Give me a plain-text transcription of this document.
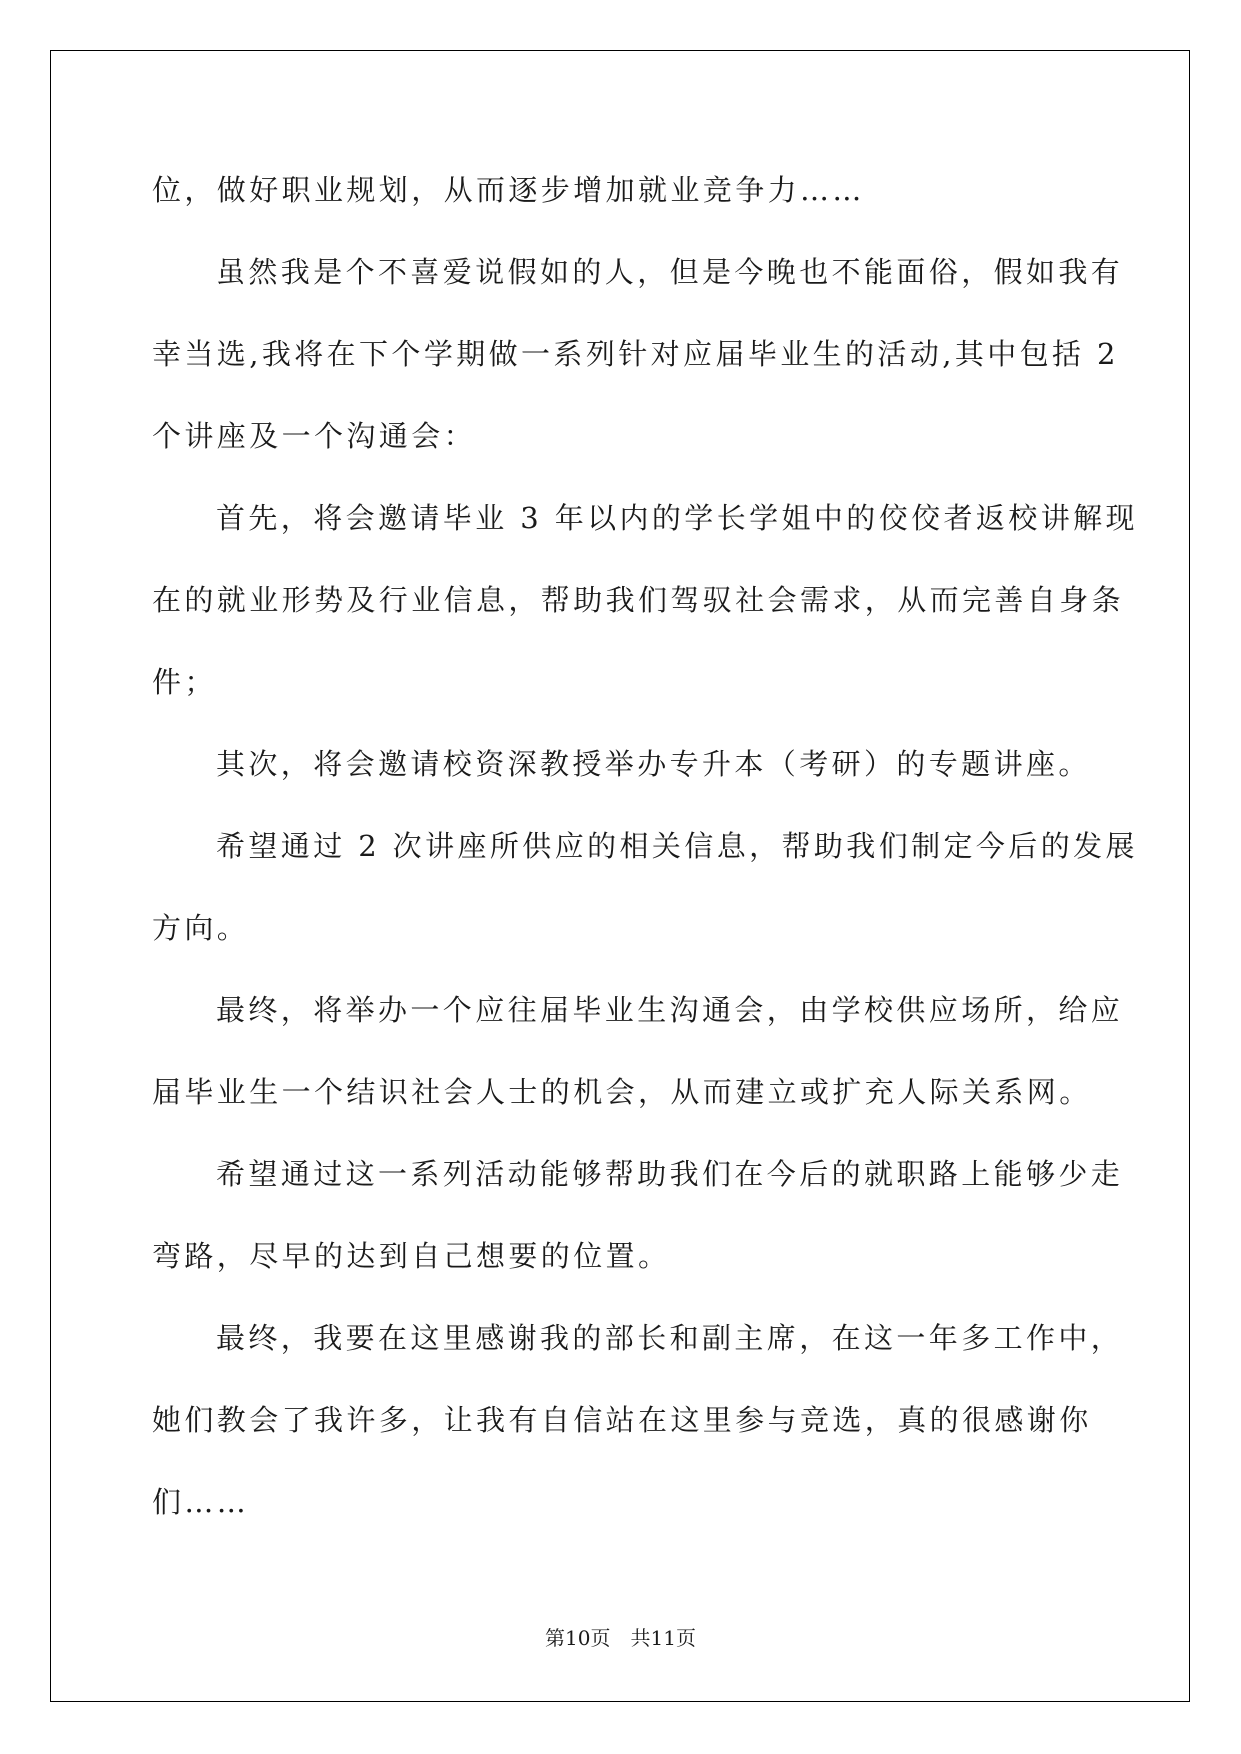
位，做好职业规划，从而逐步增加就业竞争力……

虽然我是个不喜爱说假如的人，但是今晚也不能面俗，假如我有

幸当选,我将在下个学期做一系列针对应届毕业生的活动,其中包括 2

个讲座及一个沟通会：

首先，将会邀请毕业 3 年以内的学长学姐中的佼佼者返校讲解现

在的就业形势及行业信息，帮助我们驾驭社会需求，从而完善自身条

件；

其次，将会邀请校资深教授举办专升本（考研）的专题讲座。

希望通过 2 次讲座所供应的相关信息，帮助我们制定今后的发展

方向。

最终，将举办一个应往届毕业生沟通会，由学校供应场所，给应

届毕业生一个结识社会人士的机会，从而建立或扩充人际关系网。

希望通过这一系列活动能够帮助我们在今后的就职路上能够少走

弯路，尽早的达到自己想要的位置。

最终，我要在这里感谢我的部长和副主席，在这一年多工作中，

她们教会了我许多，让我有自信站在这里参与竞选，真的很感谢你

们……

第10页　共11页
